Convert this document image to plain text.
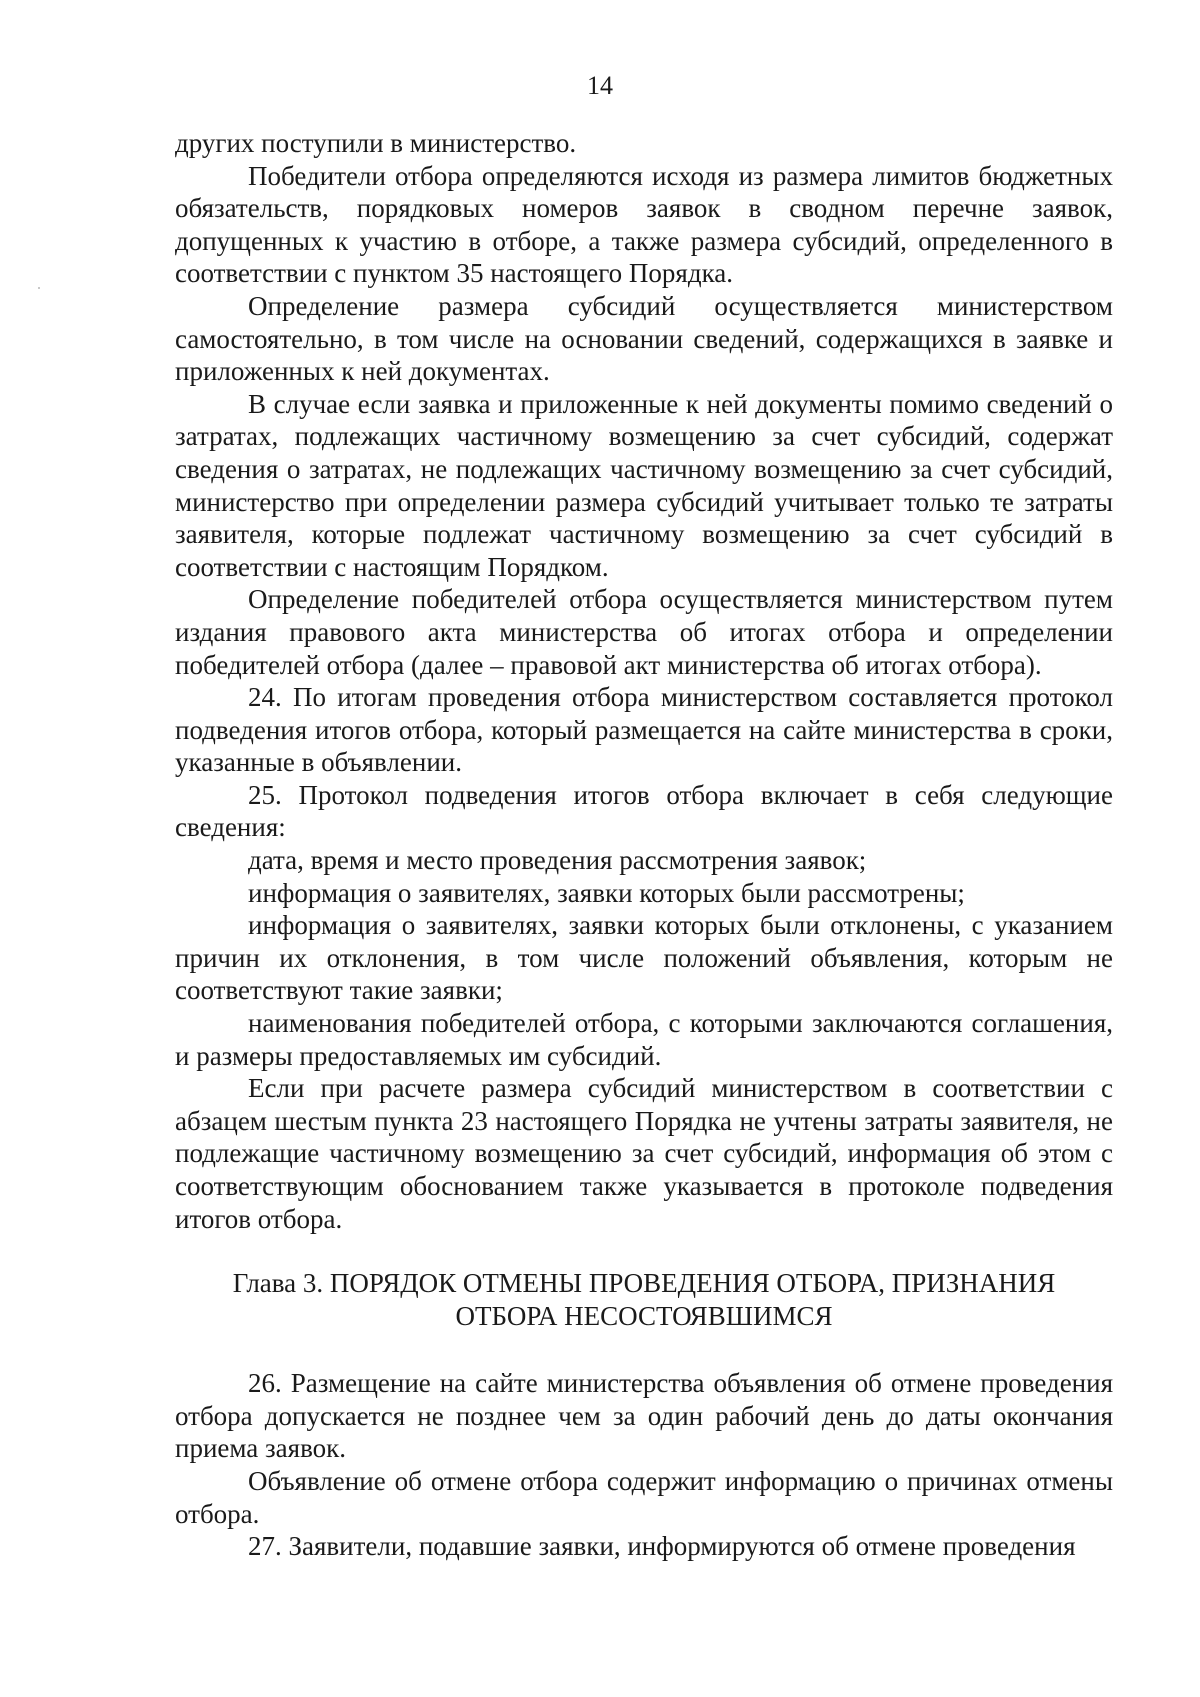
14

других поступили в министерство.

Победители отбора определяются исходя из размера лимитов бюджетных обязательств, порядковых номеров заявок в сводном перечне заявок, допущенных к участию в отборе, а также размера субсидий, определенного в соответствии с пунктом 35 настоящего Порядка.

Определение размера субсидий осуществляется министерством самостоятельно, в том числе на основании сведений, содержащихся в заявке и приложенных к ней документах.

В случае если заявка и приложенные к ней документы помимо сведений о затратах, подлежащих частичному возмещению за счет субсидий, содержат сведения о затратах, не подлежащих частичному возмещению за счет субсидий, министерство при определении размера субсидий учитывает только те затраты заявителя, которые подлежат частичному возмещению за счет субсидий в соответствии с настоящим Порядком.

Определение победителей отбора осуществляется министерством путем издания правового акта министерства об итогах отбора и определении победителей отбора (далее – правовой акт министерства об итогах отбора).

24. По итогам проведения отбора министерством составляется протокол подведения итогов отбора, который размещается на сайте министерства в сроки, указанные в объявлении.

25. Протокол подведения итогов отбора включает в себя следующие сведения:

дата, время и место проведения рассмотрения заявок;

информация о заявителях, заявки которых были рассмотрены;

информация о заявителях, заявки которых были отклонены, с указанием причин их отклонения, в том числе положений объявления, которым не соответствуют такие заявки;

наименования победителей отбора, с которыми заключаются соглашения, и размеры предоставляемых им субсидий.

Если при расчете размера субсидий министерством в соответствии с абзацем шестым пункта 23 настоящего Порядка не учтены затраты заявителя, не подлежащие частичному возмещению за счет субсидий, информация об этом с соответствующим обоснованием также указывается в протоколе подведения итогов отбора.

Глава 3. ПОРЯДОК ОТМЕНЫ ПРОВЕДЕНИЯ ОТБОРА, ПРИЗНАНИЯ
ОТБОРА НЕСОСТОЯВШИМСЯ

26. Размещение на сайте министерства объявления об отмене проведения отбора допускается не позднее чем за один рабочий день до даты окончания приема заявок.

Объявление об отмене отбора содержит информацию о причинах отмены отбора.

27. Заявители, подавшие заявки, информируются об отмене проведения
